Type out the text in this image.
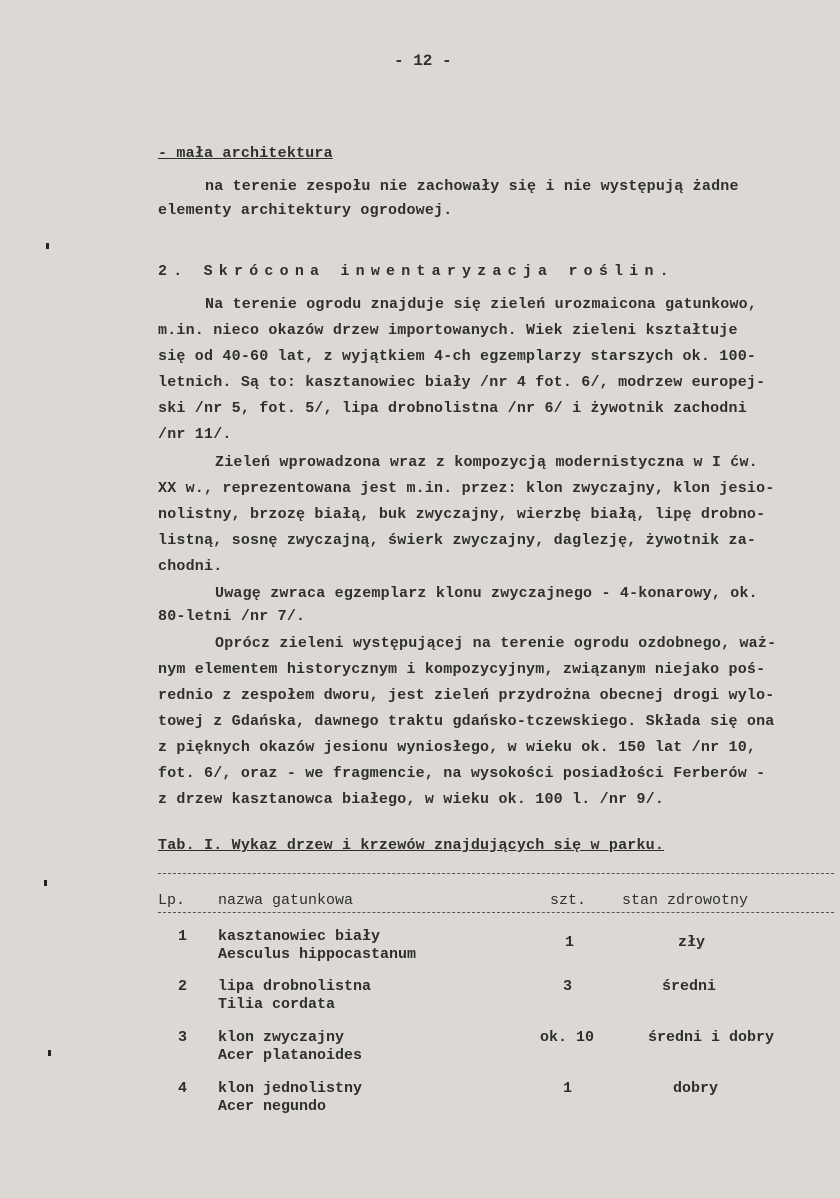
- 12 -
- mała architektura
na terenie zespołu nie zachowały się i nie występują żadne
elementy architektury ogrodowej.
2. Skrócona inwentaryzacja roślin.
Na terenie ogrodu znajduje się zieleń urozmaicona gatunkowo,
m.in. nieco okazów drzew importowanych. Wiek zieleni kształtuje
się od 40-60 lat, z wyjątkiem 4-ch egzemplarzy starszych ok. 100-
letnich. Są to: kasztanowiec biały /nr 4 fot. 6/, modrzew europej-
ski /nr 5, fot. 5/, lipa drobnolistna /nr 6/ i żywotnik zachodni
/nr 11/.
Zieleń wprowadzona wraz z kompozycją modernistyczna w I ćw.
XX w., reprezentowana jest m.in. przez: klon zwyczajny, klon jesio-
nolistny, brzozę białą, buk zwyczajny, wierzbę białą, lipę drobno-
listną, sosnę zwyczajną, świerk zwyczajny, daglezję, żywotnik za-
chodni.
Uwagę zwraca egzemplarz klonu zwyczajnego - 4-konarowy, ok.
80-letni /nr 7/.
Oprócz zieleni występującej na terenie ogrodu ozdobnego, waż-
nym elementem historycznym i kompozycyjnym, związanym niejako poś-
rednio z zespołem dworu, jest zieleń przydrożna obecnej drogi wylo-
towej z Gdańska, dawnego traktu gdańsko-tczewskiego. Składa się ona
z pięknych okazów jesionu wyniosłego, w wieku ok. 150 lat /nr 10,
fot. 6/, oraz - we fragmencie, na wysokości posiadłości Ferberów -
z drzew kasztanowca białego, w wieku ok. 100 l. /nr 9/.
Tab. I. Wykaz drzew i krzewów znajdujących się w parku.
Lp. nazwa gatunkowa	szt. stan zdrowotny
1 kasztanowiec biały
Aesculus hippocastanum
1	zły
2 lipa drobnolistna
Tilia cordata
3	średni
3 klon zwyczajny
Acer platanoides
ok. 10	średni i dobry
4 klon jednolistny
Acer negundo
1	dobry
